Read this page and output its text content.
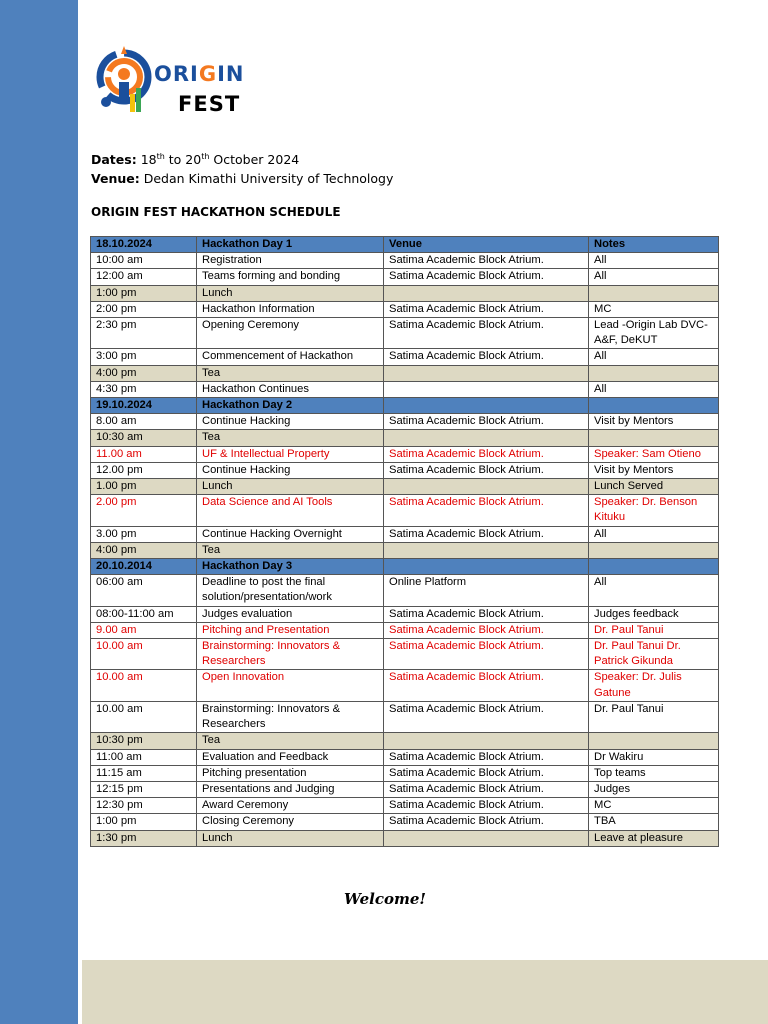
ORIGIN
FEST
Dates: 18th to 20th October 2024
Venue: Dedan Kimathi University of Technology
ORIGIN FEST HACKATHON SCHEDULE
18.10.2024	Hackathon Day 1	Venue	Notes
10:00 am	Registration	Satima Academic Block Atrium.	All
12:00 am	Teams forming and bonding	Satima Academic Block Atrium.	All
1:00 pm	Lunch		
2:00 pm	Hackathon Information	Satima Academic Block Atrium.	MC
2:30 pm	Opening Ceremony	Satima Academic Block Atrium.	Lead -Origin Lab DVC-A&F, DeKUT
3:00 pm	Commencement of Hackathon	Satima Academic Block Atrium.	All
4:00 pm	Tea		
4:30 pm	Hackathon Continues		All
19.10.2024	Hackathon Day 2		
8.00 am	Continue Hacking	Satima Academic Block Atrium.	Visit by Mentors
10:30 am	Tea		
11.00 am	UF & Intellectual Property	Satima Academic Block Atrium.	Speaker: Sam Otieno
12.00 pm	Continue Hacking	Satima Academic Block Atrium.	Visit by Mentors
1.00 pm	Lunch		Lunch Served
2.00 pm	Data Science and AI Tools	Satima Academic Block Atrium.	Speaker: Dr. Benson Kituku
3.00 pm	Continue Hacking Overnight	Satima Academic Block Atrium.	All
4:00 pm	Tea		
20.10.2014	Hackathon Day 3		
06:00 am	Deadline to post the final solution/presentation/work	Online Platform	All
08:00-11:00 am	Judges evaluation	Satima Academic Block Atrium.	Judges feedback
9.00 am	Pitching and Presentation	Satima Academic Block Atrium.	Dr. Paul Tanui
10.00 am	Brainstorming: Innovators & Researchers	Satima Academic Block Atrium.	Dr. Paul Tanui Dr. Patrick Gikunda
10.00 am	Open Innovation	Satima Academic Block Atrium.	Speaker: Dr. Julis Gatune
10.00 am	Brainstorming: Innovators & Researchers	Satima Academic Block Atrium.	Dr. Paul Tanui
10:30 pm	Tea		
11:00 am	Evaluation and Feedback	Satima Academic Block Atrium.	Dr Wakiru
11:15 am	Pitching presentation	Satima Academic Block Atrium.	Top teams
12:15 pm	Presentations and Judging	Satima Academic Block Atrium.	Judges
12:30 pm	Award Ceremony	Satima Academic Block Atrium.	MC
1:00 pm	Closing Ceremony	Satima Academic Block Atrium.	TBA
1:30 pm	Lunch		Leave at pleasure
Welcome!
